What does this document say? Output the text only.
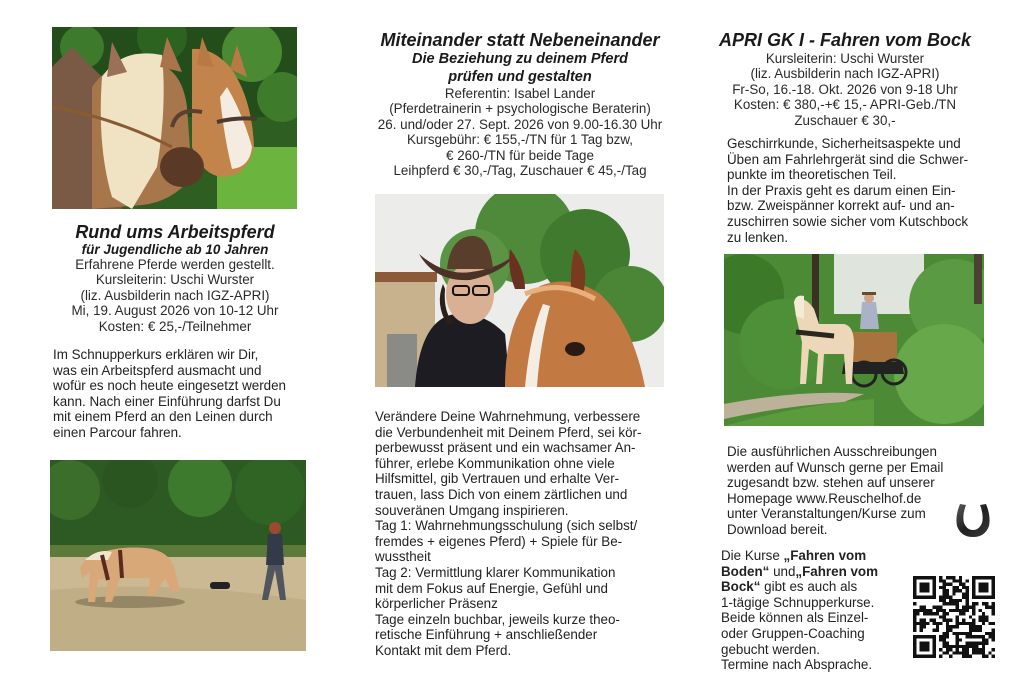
Rund ums Arbeitspferd
für Jugendliche ab 10 Jahren
Erfahrene Pferde werden gestellt.
Kursleiterin: Uschi Wurster
(liz. Ausbilderin nach IGZ-APRI)
Mi, 19. August 2026 von 10-12 Uhr
Kosten: € 25,-/Teilnehmer
Im Schnupperkurs erklären wir Dir,
was ein Arbeitspferd ausmacht und
wofür es noch heute eingesetzt werden
kann. Nach einer Einführung darfst Du
mit einem Pferd an den Leinen durch
einen Parcour fahren.
Miteinander statt Nebeneinander
Die Beziehung zu deinem Pferd
prüfen und gestalten
Referentin: Isabel Lander
(Pferdetrainerin + psychologische Beraterin)
26. und/oder 27. Sept. 2026 von 9.00-16.30 Uhr
Kursgebühr: € 155,-/TN für 1 Tag bzw,
€ 260-/TN für beide Tage
Leihpferd € 30,-/Tag, Zuschauer € 45,-/Tag
Verändere Deine Wahrnehmung, verbessere
die Verbundenheit mit Deinem Pferd, sei kör-
perbewusst präsent und ein wachsamer An-
führer, erlebe Kommunikation ohne viele
Hilfsmittel, gib Vertrauen und erhalte Ver-
trauen, lass Dich von einem zärtlichen und
souveränen Umgang inspirieren.
Tag 1: Wahrnehmungsschulung (sich selbst/
fremdes + eigenes Pferd) + Spiele für Be-
wusstheit
Tag 2: Vermittlung klarer Kommunikation
mit dem Fokus auf Energie, Gefühl und
körperlicher Präsenz
Tage einzeln buchbar, jeweils kurze theo-
retische Einführung + anschließender
Kontakt mit dem Pferd.
APRI GK I - Fahren vom Bock
Kursleiterin: Uschi Wurster
(liz. Ausbilderin nach IGZ-APRI)
Fr-So, 16.-18. Okt. 2026 von 9-18 Uhr
Kosten: € 380,-+€ 15,- APRI-Geb./TN
Zuschauer € 30,-
Geschirrkunde, Sicherheitsaspekte und
Üben am Fahrlehrgerät sind die Schwer-
punkte im theoretischen Teil.
In der Praxis geht es darum einen Ein-
bzw. Zweispänner korrekt auf- und an-
zuschirren sowie sicher vom Kutschbock
zu lenken.
Die ausführlichen Ausschreibungen
werden auf Wunsch gerne per Email
zugesandt bzw. stehen auf unserer
Homepage www.Reuschelhof.de
unter Veranstaltungen/Kurse zum
Download bereit.
Die Kurse „Fahren vom
Boden“ und„Fahren vom
Bock“ gibt es auch als
1-tägige Schnupperkurse.
Beide können als Einzel-
oder Gruppen-Coaching
gebucht werden.
Termine nach Absprache.
